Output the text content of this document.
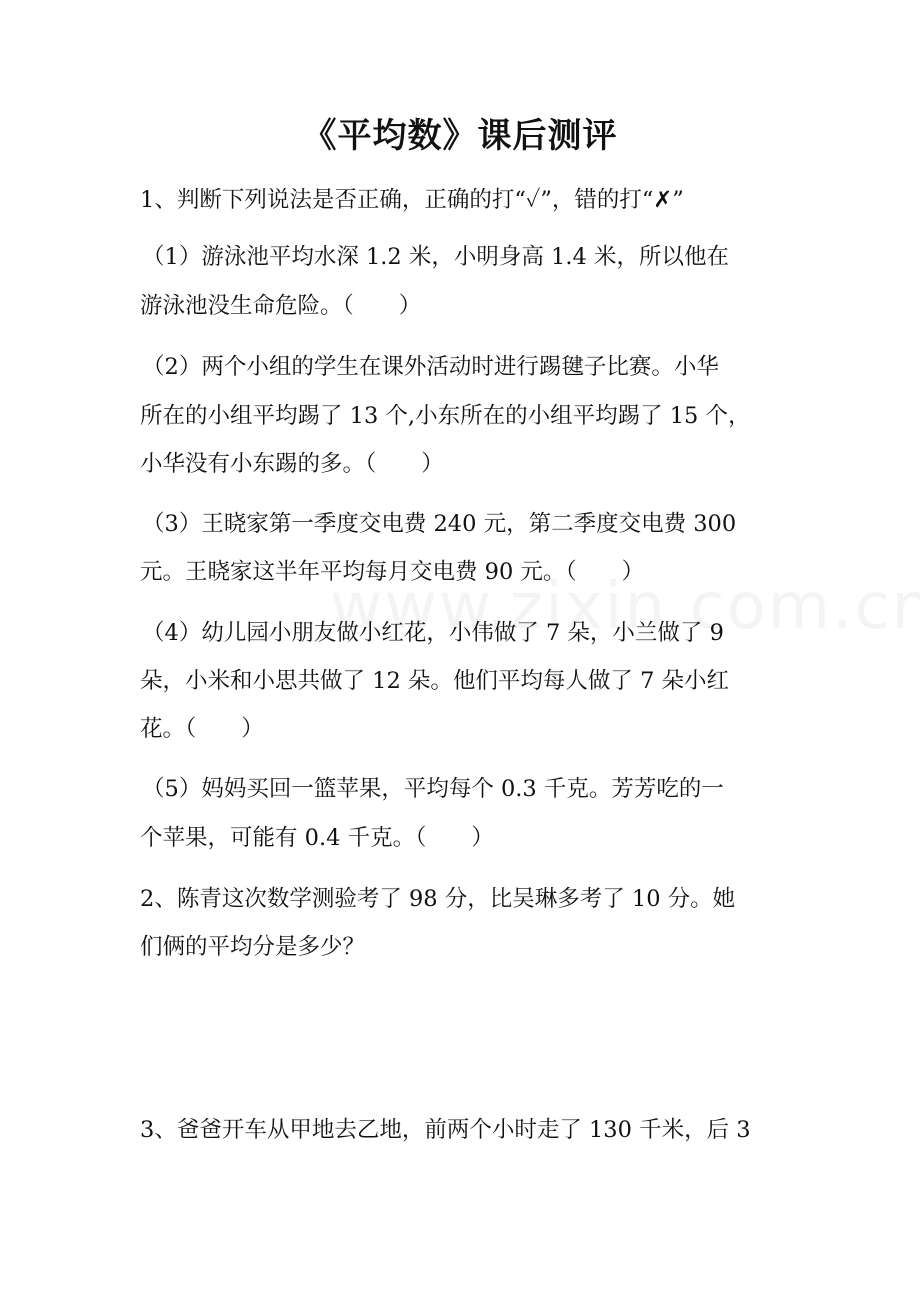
《平均数》课后测评
1、判断下列说法是否正确，正确的打“✓”，错的打“✗”
（1）游泳池平均水深 1.2 米，小明身高 1.4 米，所以他在
游泳池没生命危险。（　　）
（2）两个小组的学生在课外活动时进行踢毽子比赛。小华
所在的小组平均踢了 13 个,小东所在的小组平均踢了 15 个，
小华没有小东踢的多。（　　）
（3）王晓家第一季度交电费 240 元，第二季度交电费 300
元。王晓家这半年平均每月交电费 90 元。（　　）
（4）幼儿园小朋友做小红花，小伟做了 7 朵，小兰做了 9
朵，小米和小思共做了 12 朵。他们平均每人做了 7 朵小红
花。（　　）
（5）妈妈买回一篮苹果，平均每个 0.3 千克。芳芳吃的一
个苹果，可能有 0.4 千克。（　　）
2、陈青这次数学测验考了 98 分，比吴琳多考了 10 分。她
们俩的平均分是多少？
3、爸爸开车从甲地去乙地，前两个小时走了 130 千米，后 3
